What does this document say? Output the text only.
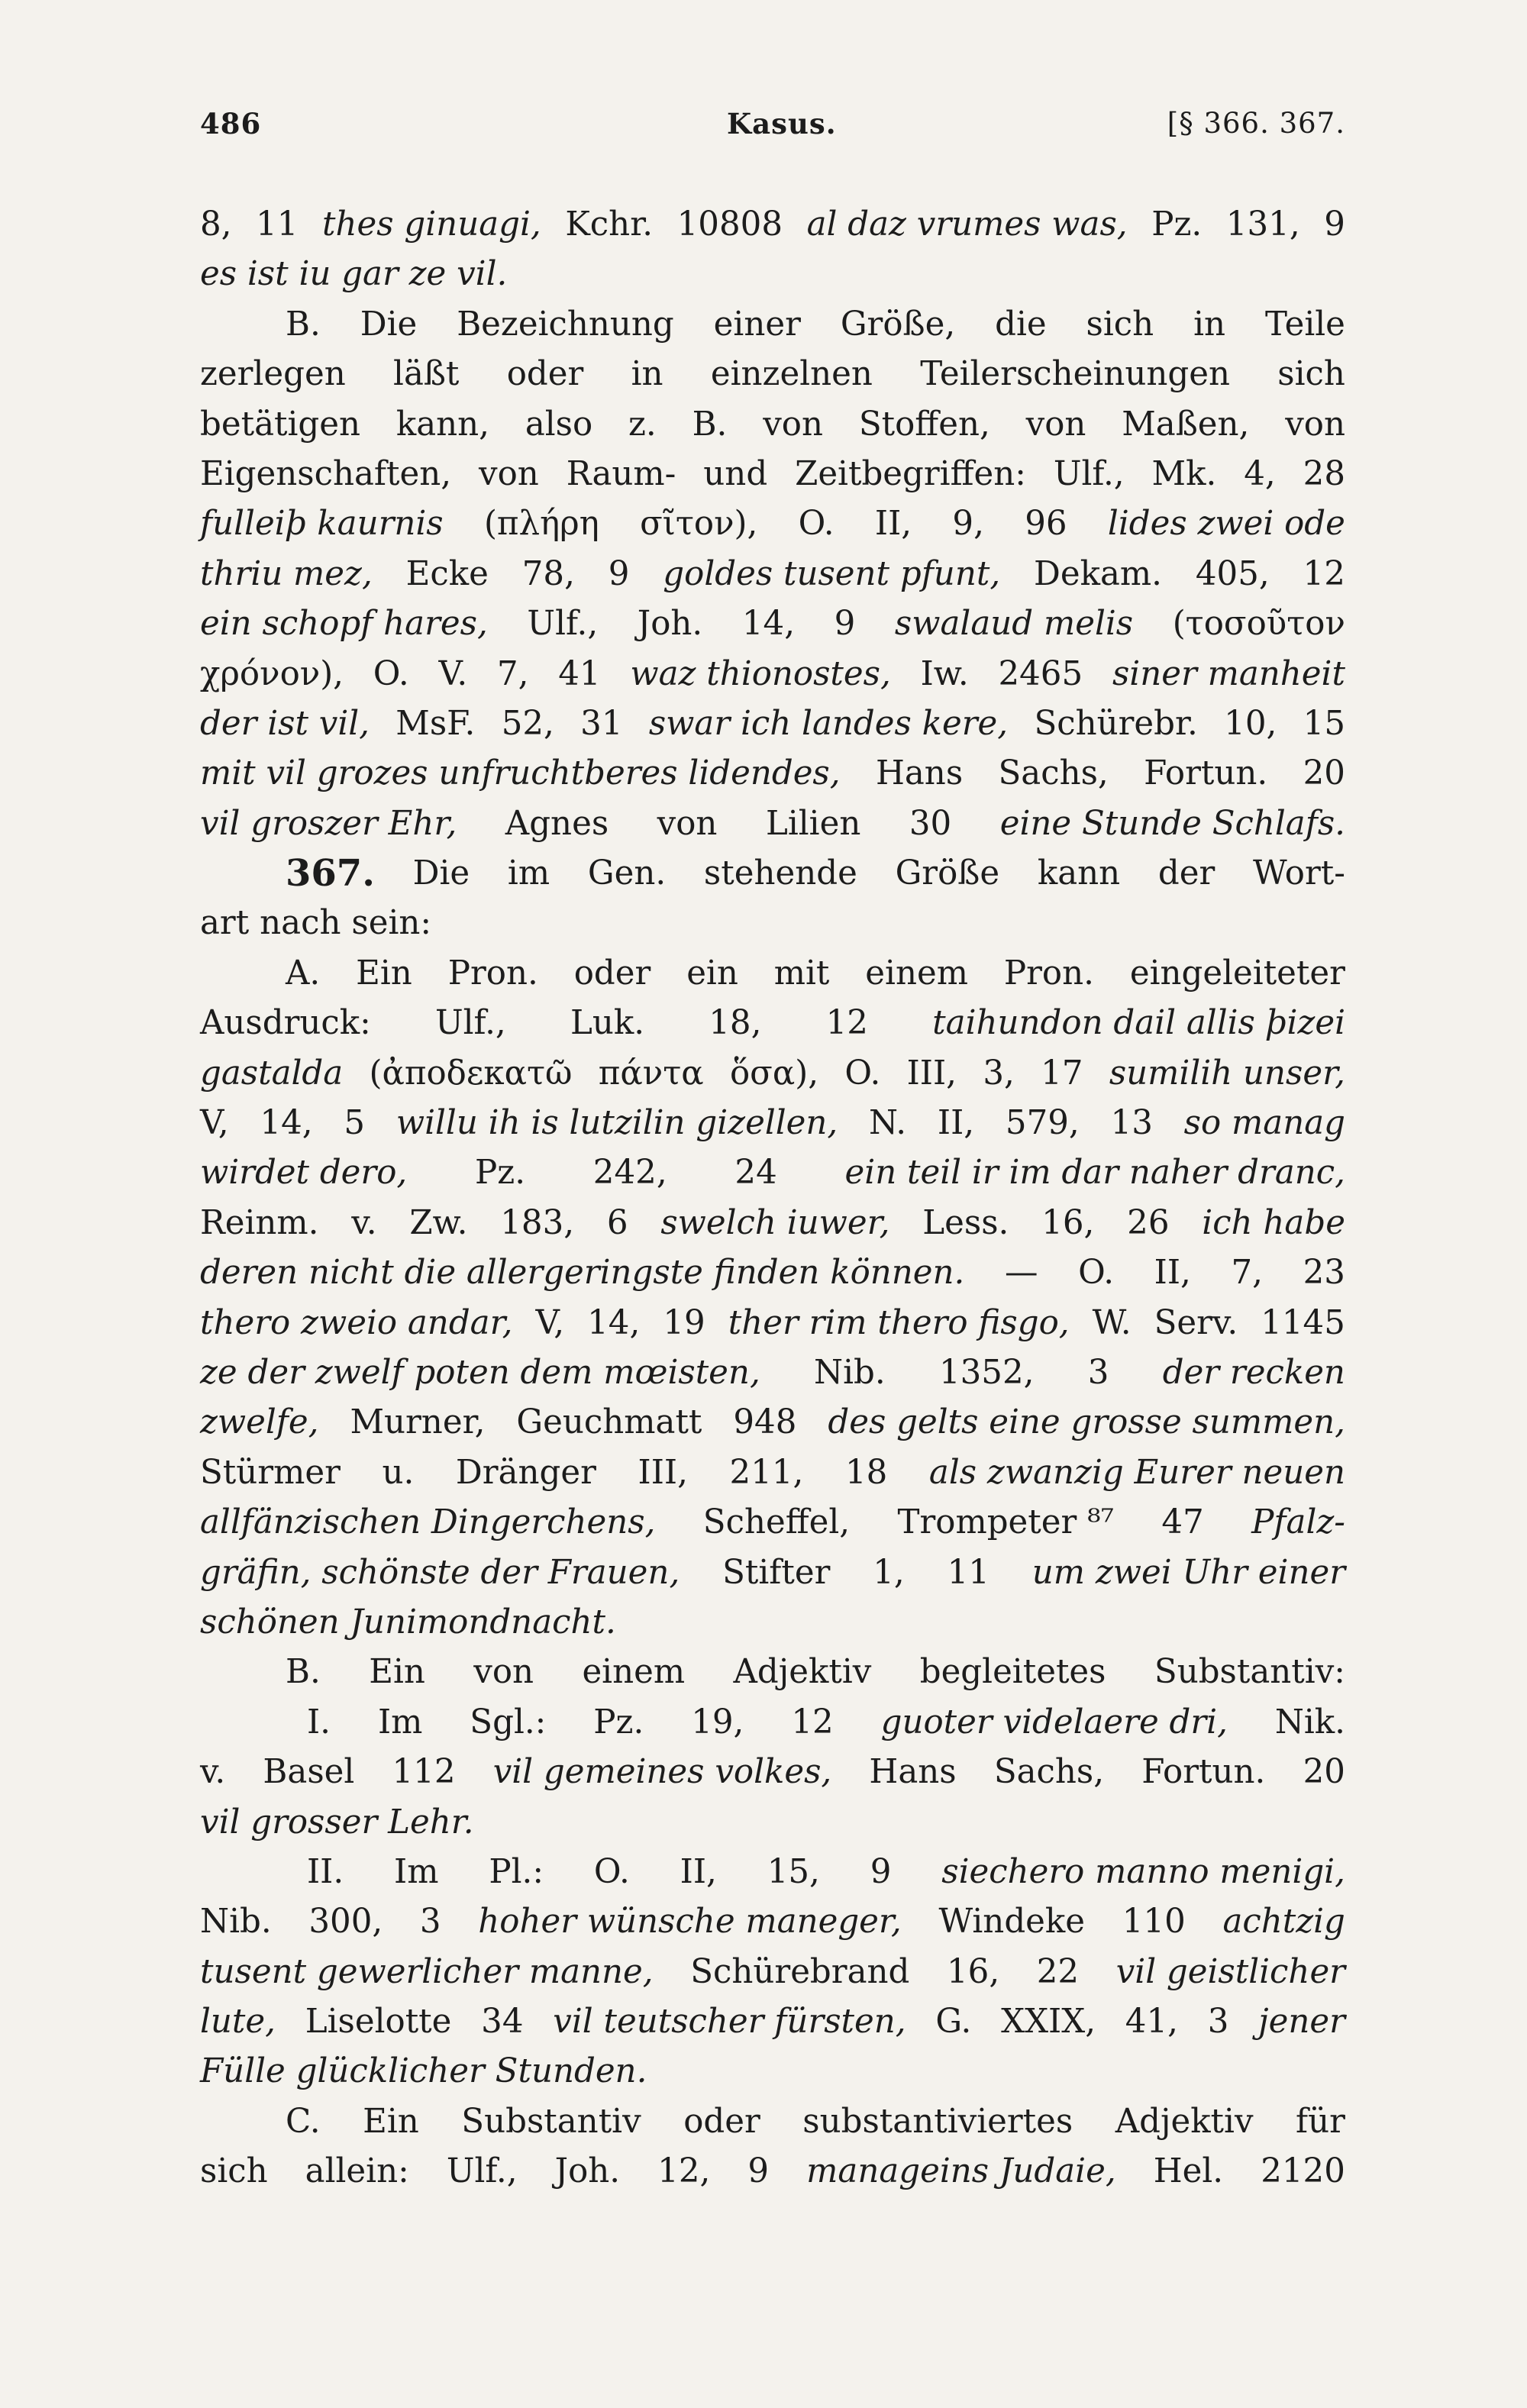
486	Kasus.	[§ 366. 367.
8, 11 thes ginuagi, Kchr. 10808 al daz vrumes was, Pz. 131, 9
es ist iu gar ze vil.
B. Die Bezeichnung einer Größe, die sich in Teile
zerlegen läßt oder in einzelnen Teilerscheinungen sich
betätigen kann, also z. B. von Stoffen, von Maßen, von
Eigenschaften, von Raum- und Zeitbegriffen: Ulf., Mk. 4, 28
fulleiþ kaurnis (πλήρη σῖτον), O. II, 9, 96 lides zwei ode
thriu mez, Ecke 78, 9 goldes tusent pfunt, Dekam. 405, 12
ein schopf hares, Ulf., Joh. 14, 9 swalaud melis (τοσοῦτον
χρόνον), O. V. 7, 41 waz thionostes, Iw. 2465 siner manheit
der ist vil, MsF. 52, 31 swar ich landes kere, Schürebr. 10, 15
mit vil grozes unfruchtberes lidendes, Hans Sachs, Fortun. 20
vil groszer Ehr, Agnes von Lilien 30 eine Stunde Schlafs.
367. Die im Gen. stehende Größe kann der Wort-
art nach sein:
A. Ein Pron. oder ein mit einem Pron. eingeleiteter
Ausdruck: Ulf., Luk. 18, 12 taihundon dail allis þizei
gastalda (ἀποδεκατῶ πάντα ὅσα), O. III, 3, 17 sumilih unser,
V, 14, 5 willu ih is lutzilin gizellen, N. II, 579, 13 so manag
wirdet dero, Pz. 242, 24 ein teil ir im dar naher dranc,
Reinm. v. Zw. 183, 6 swelch iuwer, Less. 16, 26 ich habe
deren nicht die allergeringste finden können. — O. II, 7, 23
thero zweio andar, V, 14, 19 ther rim thero fisgo, W. Serv. 1145
ze der zwelf poten dem mœisten, Nib. 1352, 3 der recken
zwelfe, Murner, Geuchmatt 948 des gelts eine grosse summen,
Stürmer u. Dränger III, 211, 18 als zwanzig Eurer neuen
allfänzischen Dingerchens, Scheffel, Trompeter ⁸⁷ 47 Pfalz-
gräfin, schönste der Frauen, Stifter 1, 11 um zwei Uhr einer
schönen Junimondnacht.
B. Ein von einem Adjektiv begleitetes Substantiv:
I. Im Sgl.: Pz. 19, 12 guoter videlaere dri, Nik.
v. Basel 112 vil gemeines volkes, Hans Sachs, Fortun. 20
vil grosser Lehr.
II. Im Pl.: O. II, 15, 9 siechero manno menigi,
Nib. 300, 3 hoher wünsche maneger, Windeke 110 achtzig
tusent gewerlicher manne, Schürebrand 16, 22 vil geistlicher
lute, Liselotte 34 vil teutscher fürsten, G. XXIX, 41, 3 jener
Fülle glücklicher Stunden.
C. Ein Substantiv oder substantiviertes Adjektiv für
sich allein: Ulf., Joh. 12, 9 manageins Judaie, Hel. 2120
